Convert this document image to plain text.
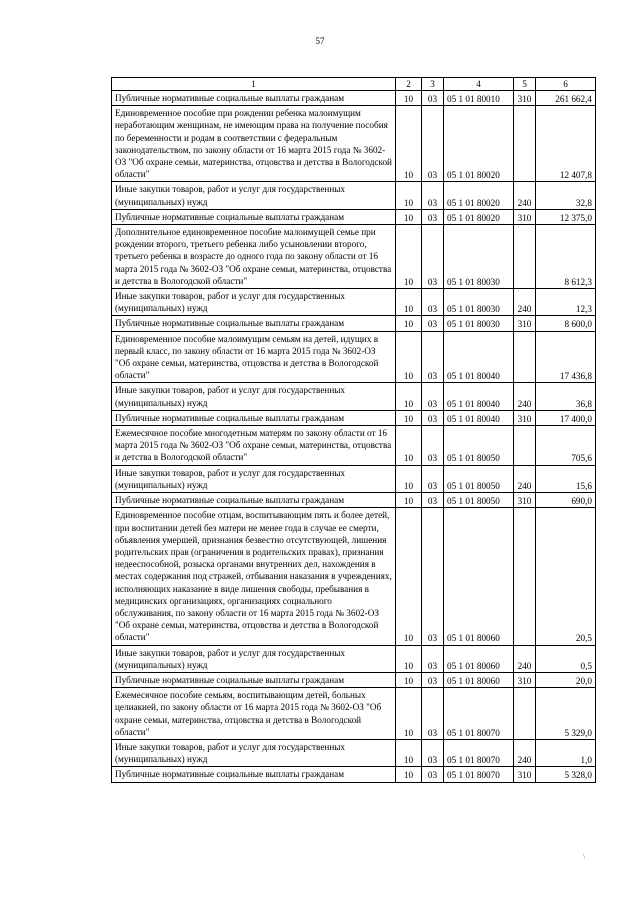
57
1	2	3	4	5	6
Публичные нормативные социальные выплаты гражданам	10	03	05 1 01 80010	310	261 662,4
Единовременное пособие при рождении ребенка малоимущим неработающим женщинам, не имеющим права на получение пособия по беременности и родам в соответствии с федеральным законодательством, по закону области от 16 марта 2015 года № 3602-ОЗ "Об охране семьи, материнства, отцовства и детства в Вологодской области"	10	03	05 1 01 80020		12 407,8
Иные закупки товаров, работ и услуг для государственных (муниципальных) нужд	10	03	05 1 01 80020	240	32,8
Публичные нормативные социальные выплаты гражданам	10	03	05 1 01 80020	310	12 375,0
Дополнительное единовременное пособие малоимущей семье при рождении второго, третьего ребенка либо усыновлении второго, третьего ребенка в возрасте до одного года по закону области от 16 марта 2015 года № 3602-ОЗ "Об охране семьи, материнства, отцовства и детства в Вологодской области"	10	03	05 1 01 80030		8 612,3
Иные закупки товаров, работ и услуг для государственных (муниципальных) нужд	10	03	05 1 01 80030	240	12,3
Публичные нормативные социальные выплаты гражданам	10	03	05 1 01 80030	310	8 600,0
Единовременное пособие малоимущим семьям на детей, идущих в первый класс, по закону области от 16 марта 2015 года № 3602-ОЗ "Об охране семьи, материнства, отцовства и детства в Вологодской области"	10	03	05 1 01 80040		17 436,8
Иные закупки товаров, работ и услуг для государственных (муниципальных) нужд	10	03	05 1 01 80040	240	36,8
Публичные нормативные социальные выплаты гражданам	10	03	05 1 01 80040	310	17 400,0
Ежемесячное пособие многодетным матерям по закону области от 16 марта 2015 года № 3602-ОЗ "Об охране семьи, материнства, отцовства и детства в Вологодской области"	10	03	05 1 01 80050		705,6
Иные закупки товаров, работ и услуг для государственных (муниципальных) нужд	10	03	05 1 01 80050	240	15,6
Публичные нормативные социальные выплаты гражданам	10	03	05 1 01 80050	310	690,0
Единовременное пособие отцам, воспитывающим пять и более детей, при воспитании детей без матери не менее года в случае ее смерти, объявления умершей, признания безвестно отсутствующей, лишения родительских прав (ограничения в родительских правах), признания недееспособной, розыска органами внутренних дел, нахождения в местах содержания под стражей, отбывания наказания в учреждениях, исполняющих наказание в виде лишения свободы, пребывания в медицинских организациях, организациях социального обслуживания, по закону области от 16 марта 2015 года № 3602-ОЗ "Об охране семьи, материнства, отцовства и детства в Вологодской области"	10	03	05 1 01 80060		20,5
Иные закупки товаров, работ и услуг для государственных (муниципальных) нужд	10	03	05 1 01 80060	240	0,5
Публичные нормативные социальные выплаты гражданам	10	03	05 1 01 80060	310	20,0
Ежемесячное пособие семьям, воспитывающим детей, больных целиакией, по закону области от 16 марта 2015 года № 3602-ОЗ "Об охране семьи, материнства, отцовства и детства в Вологодской области"	10	03	05 1 01 80070		5 329,0
Иные закупки товаров, работ и услуг для государственных (муниципальных) нужд	10	03	05 1 01 80070	240	1,0
Публичные нормативные социальные выплаты гражданам	10	03	05 1 01 80070	310	5 328,0
\
